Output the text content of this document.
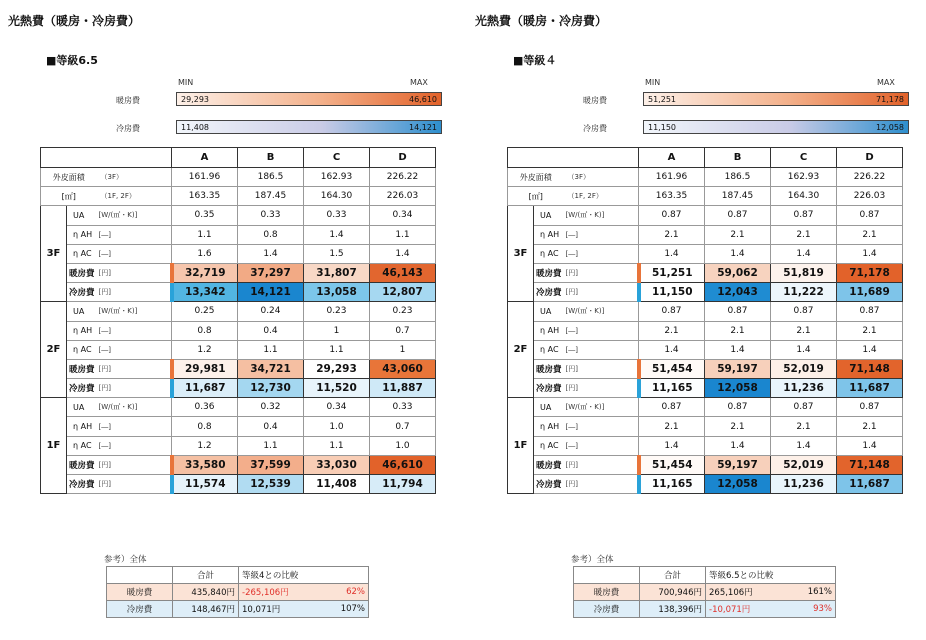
光熱費（暖房・冷房費）
■等級6.5
MIN	MAX
暖房費	29,293	46,610
冷房費	11,408	14,121
			A	B	C	D
外皮面積		（3F）	161.96	186.5	162.93	226.22
[㎡]		（1F, 2F）	163.35	187.45	164.30	226.03
3F	UA	[W/(㎡・K)]	0.35	0.33	0.33	0.34
	η AH	[―]	1.1	0.8	1.4	1.1
	η AC	[―]	1.6	1.4	1.5	1.4
	暖房費	[円]	32,719	37,297	31,807	46,143
	冷房費	[円]	13,342	14,121	13,058	12,807
2F	UA	[W/(㎡・K)]	0.25	0.24	0.23	0.23
	η AH	[―]	0.8	0.4	1	0.7
	η AC	[―]	1.2	1.1	1.1	1
	暖房費	[円]	29,981	34,721	29,293	43,060
	冷房費	[円]	11,687	12,730	11,520	11,887
1F	UA	[W/(㎡・K)]	0.36	0.32	0.34	0.33
	η AH	[―]	0.8	0.4	1.0	0.7
	η AC	[―]	1.2	1.1	1.1	1.0
	暖房費	[円]	33,580	37,599	33,030	46,610
	冷房費	[円]	11,574	12,539	11,408	11,794
参考）全体
	合計	等級4との比較	
暖房費	435,840円	-265,106円	62%
冷房費	148,467円	10,071円	107%
光熱費（暖房・冷房費）
■等級４
MIN	MAX
暖房費	51,251	71,178
冷房費	11,150	12,058
			A	B	C	D
外皮面積		（3F）	161.96	186.5	162.93	226.22
[㎡]		（1F, 2F）	163.35	187.45	164.30	226.03
3F	UA	[W/(㎡・K)]	0.87	0.87	0.87	0.87
	η AH	[―]	2.1	2.1	2.1	2.1
	η AC	[―]	1.4	1.4	1.4	1.4
	暖房費	[円]	51,251	59,062	51,819	71,178
	冷房費	[円]	11,150	12,043	11,222	11,689
2F	UA	[W/(㎡・K)]	0.87	0.87	0.87	0.87
	η AH	[―]	2.1	2.1	2.1	2.1
	η AC	[―]	1.4	1.4	1.4	1.4
	暖房費	[円]	51,454	59,197	52,019	71,148
	冷房費	[円]	11,165	12,058	11,236	11,687
1F	UA	[W/(㎡・K)]	0.87	0.87	0.87	0.87
	η AH	[―]	2.1	2.1	2.1	2.1
	η AC	[―]	1.4	1.4	1.4	1.4
	暖房費	[円]	51,454	59,197	52,019	71,148
	冷房費	[円]	11,165	12,058	11,236	11,687
参考）全体
	合計	等級6.5との比較	
暖房費	700,946円	265,106円	161%
冷房費	138,396円	-10,071円	93%
